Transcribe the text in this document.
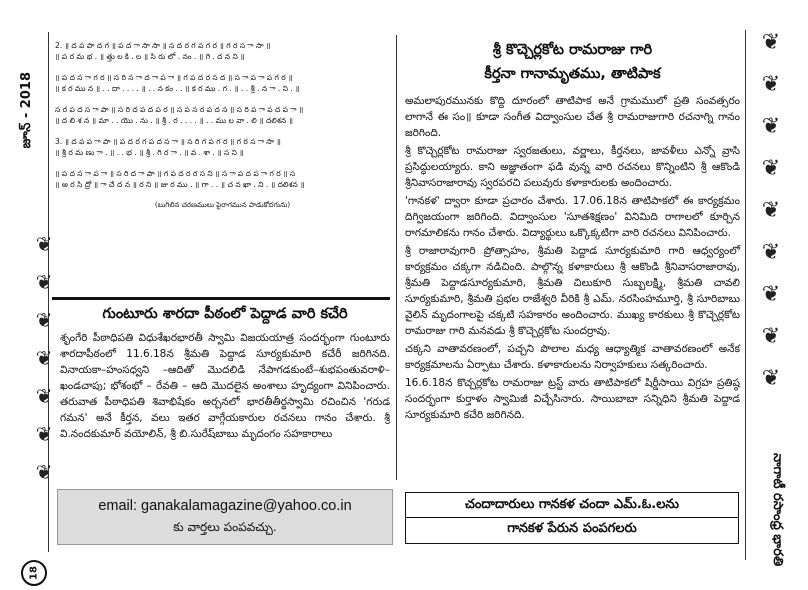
జూన్ - 2018
❦
❦
❦
❦
❦
❦
❦
18
2. ॥ ద ప పా ద గ ॥ ప ద ా సా సా ॥ స ద ర గ ప గ ర ॥ గ ర స ా సా ॥
॥ ప ర మ భ . ॥ త్తు ల కి . ల ॥ సి రు లో . నం . ॥ గె . ద న ని ॥
॥ ప ద స ా గ ర ॥ స రి స ా ద ా ప ా ॥ గ ప ద ర స ద ॥ స ా ప ా ప గ ర ॥
॥ క ర ము న ॥ . . దా . . . . ॥ . . న కం . . ॥ క ర ము . గ . ॥ . . శ్రీ . న ా . ని . ॥
స ర ప ద స ా పా ॥ స రి ద ప ద ప ర ॥ స ప స ర ప ద స ॥ స రి ప ా ప ద ప ా ॥
॥ ద లి శ న ॥ మా . . యొ . ను . ॥ శ్రీ . ర . . . . ॥ . . ము ల వా . లి ॥ దలిశన ॥
3. ॥ ద ప ప ా పా ॥ ప ద ర గ ప ద స ా ॥ స రి గ ప గ ర ॥ గ ర స ా సా ॥
॥ శ్రీ ర మ ణు ా . ॥ . . భ . ॥ శ్రీ . గి ర ా . ॥ వ . శా . ॥ స ని ॥
॥ ప ద స ా ప ా ॥ స రి ద ా పా ॥ గ ప ద ర ర స ని ॥ స ా ప ద ప ా గ ర ॥ స
॥ అ ర సి ద్రో ॥ ా చే ద న ॥ ర ని ॥ జు ర ము . ॥ గా . . ॥ చ న ఖా . ని . ॥ దలిశన ॥
(బుగిలిన చరణములు పైరాగమున పాడుకోదగును)
గుంటూరు శారదా పీఠంలో పెద్దాడ వారి కచేరి
శృంగేరి పీఠాధిపతి విధుశేఖరభారతీ స్వామి విజయయాత్ర సందర్భంగా గుంటూరు శారదాపీఠంలో 11.6.18న శ్రీమతి పెద్దాడ సూర్యకుమారి కచేరీ జరిగినది. వినాయకా–హంసధ్వని –ఆదితో మొదలిడి నేపాగడకుంటే–శుభపంతువరాళి–ఖండచాపు; భోశంభో – రేవతి – ఆది మొదలైన అంశాలు హృద్యంగా వినిపించారు. తరువాత పీఠాధిపతి శివాభిషేకం అర్చనలో భారతీతీర్థస్వామి రచించిన 'గరుడ గమన' అనే కీర్తన, వలు ఇతర వాగ్గేయకారుల రచనలు గానం చేశారు. శ్రీ వి.నందకుమార్ వయోలిన్, శ్రీ బి.సురేష్‌బాబు మృదంగం సహకారాలు
శ్రీ కొచ్చెర్లకోట రామరాజు గారి
కీర్తనా గానామృతము, తాటిపాక

అమలాపురమునకు కొద్ది దూరంలో తాటిపాక అనే గ్రామములో ప్రతి సంవత్సరం లాగానే ఈ సం॥ కూడా సంగీత విద్వాంసుల చేత శ్రీ రామరాజుగారి రచనాగ్ని గానం జరిగింది.

శ్రీ కొచ్చెర్లకోట రామరాజు స్వరజతులు, వర్ణాలు, కీర్తనలు, జావళీలు ఎన్నో వ్రాసి ప్రసిద్ధులయ్యారు. కాని అజ్ఞాతంగా ఫడి వున్న వారి రచనలు కొన్నింటిని శ్రీ ఆకొండి శ్రీనివాసరాజారావు స్వరపరచి పలువురు కళాకారులకు అందించారు.

'గానకళ' ద్వారా కూడా ప్రచారం చేశారు. 17.06.18న తాటిపాకలో ఈ కార్యక్రమం దిగ్విజయంగా జరిగింది. విద్వాంసుల 'సూతశిక్షణం' వినిమిది రాగాలలో కూర్చిన రాగమాలికను గానం చేశారు. విద్యార్థులు ఒక్కొక్కటిగా వారి రచనలు వినిపించారు.

శ్రీ రాజారావుగారి ప్రోత్సాహం, శ్రీమతి పెద్దాడ సూర్యకుమారి గారి ఆధ్వర్యంలో కార్యక్రమం చక్కగా నడిచింది. పాల్గొన్న కళాకారులు శ్రీ ఆకొండి శ్రీనివాసరాజారావు, శ్రీమతి పెద్దాడసూర్యకుమారి, శ్రీమతి చిలుకూరి సుబ్బలక్ష్మి, శ్రీమతి చావలి సూర్యకుమారి, శ్రీమతి ప్రభల రాజేశ్వరి వీరికి శ్రీ ఎమ్. నరసింహమూర్తి, శ్రీ సూరిబాబు వైలిన్ మృదంగాలపై చక్కటి సహకారం అందించారు. ముఖ్య కారకులు శ్రీ కొచ్చెర్లకోట రామరాజు గారి మనవడు శ్రీ కొచ్చెర్లకోట సుందర్రావు.

చక్కని వాతావరణంలో, పచ్చని పొలాల మధ్య ఆధ్యాత్మిక వాతావరణంలో అనేక కార్యక్రమాలను ఏర్పాటు చేశారు. కళాకారులను నిర్వాహకులు సత్కరించారు.

16.6.18న కొచ్చర్లకోట రామరాజు ట్రస్ట్ వారు తాటిపాకలో షిర్డీసాయి విగ్రహ ప్రతిష్ఠ సందర్భంగా కుర్తాళం స్వామిజీ విచ్చేసినారు. సాయిబాబా సన్నిధిని శ్రీమతి పెద్దాడ సూర్యకుమారి కచేరి జరిగినది.

email: ganakalamagazine@yahoo.co.in
కు వార్తలు పంపవచ్చు.
చందాదారులు గానకళ చందా ఎమ్.ఓ.లను
గానకళ పేరున పంపగలరు
❦
❦
❦
❦
❦
❦
❦
❦
❦
నాగాటీ రసాంధ్ర భారతి
